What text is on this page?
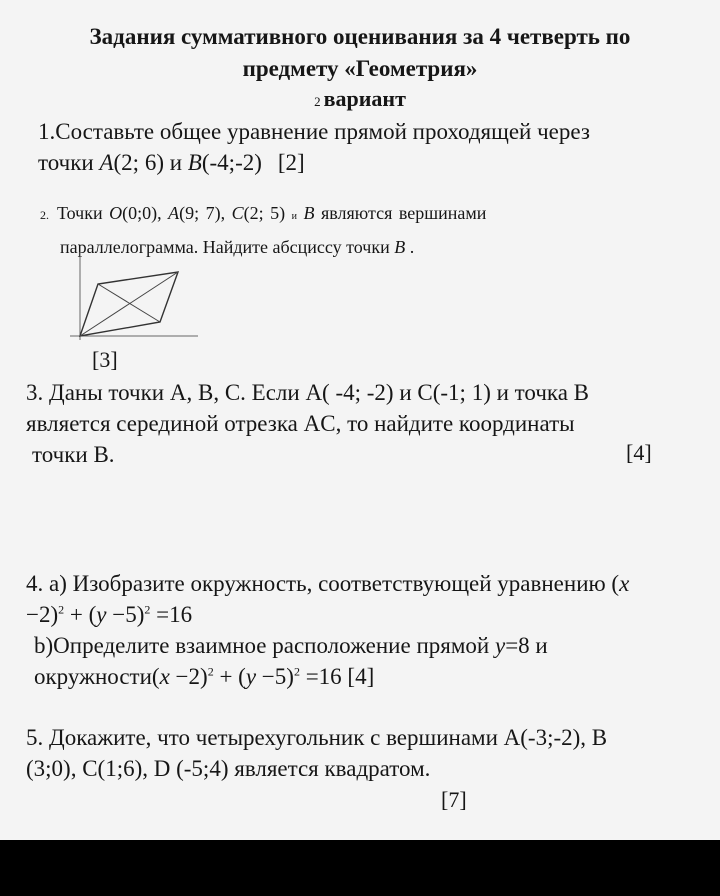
Задания суммативного оценивания за 4 четверть по

предмету «Геометрия»

2 вариант

1.Составьте общее уравнение прямой проходящей через
точки A(2; 6) и B(-4;-2) [2]
2. Точки O(0;0), A(9; 7), C(2; 5) и B являются вершинами
параллелограмма. Найдите абсциссу точки B .
[3]
3. Даны точки A, B, C. Если A( -4; -2) и C(-1; 1) и точка B
является серединой отрезка AC, то найдите координаты
точки B.	[4]
4. а) Изобразите окружность, соответствующей уравнению (x
$-2)^2 + (y -5)^2 =16$
b)Определите взаимное расположение прямой y=8 и
окружности(x $-2)^2 + (y -5)^2 =16$ [4]
5. Докажите, что четырехугольник с вершинами A(-3;-2), B
(3;0), C(1;6), D (-5;4) является квадратом.
[7]
